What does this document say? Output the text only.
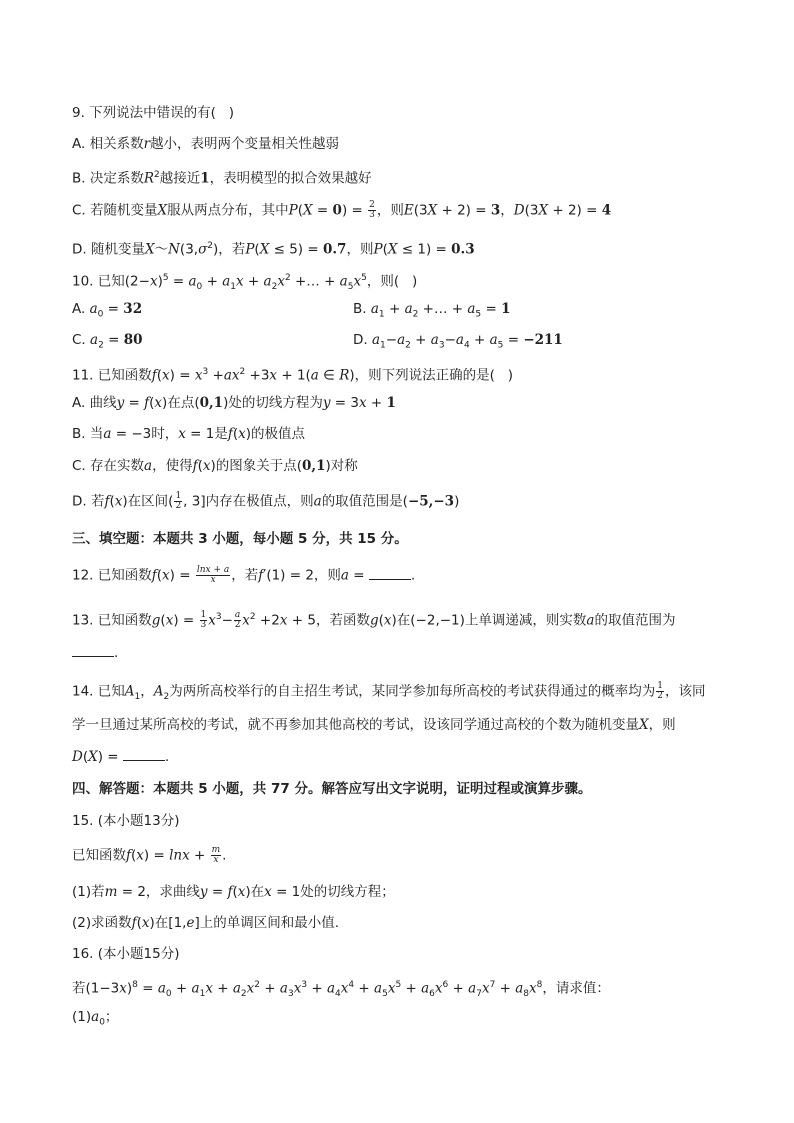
9. 下列说法中错误的有(   )
A. 相关系数r越小，表明两个变量相关性越弱
B. 决定系数$R^2$越接近1，表明模型的拟合效果越好
C. 若随机变量X服从两点分布，其中$P(X = 0) = \frac{2}{3}$ ，则E(3X + 2) = 3，D(3X + 2) = 4
D. 随机变量$X\sim N(3,\sigma^2)$，若P(X ≤ 5) = 0.7，则P(X ≤ 1) = 0.3
10. 已知$(2-x)^5 = a_0 + a_1x + a_2x^2$ +… + $a_5x^5$，则(   )
A. $a_0 = 32$	B. $a_1 + a_2$ +… + $a_5 = 1$
C. $a_2 = 80$	D. $a_1-a_2 + a_3-a_4 + a_5 = -211$
11. 已知函数$f(x) = x^3 +ax^2 +3x + 1(a$ ∈ R)，则下列说法正确的是(   )
A. 曲线y = f(x)在点(0,1)处的切线方程为y = 3x + 1
B. 当a = −3时，x = 1是f(x)的极值点
C. 存在实数a，使得f(x)的图象关于点(0,1)对称
D. 若f(x)在区间( $\frac{1}{2}$ , 3]内存在极值点，则a的取值范围是(−5,−3)
三、填空题：本题共 3 小题，每小题 5 分，共 15 分。
12. 已知函数$f(x) = \frac{\ln x + a}{x}$ ，若f′(1) = 2，则a =	.
13. 已知函数$g(x) = \frac{1}{3} x^3- \frac{a}{2} x^2 +2x + 5$，若函数g(x)在(−2,−1)上单调递减，则实数a的取值范围为
.
14. 已知$A_1$，$A_2$为两所高校举行的自主招生考试，某同学参加每所高校的考试获得通过的概率均为 $\frac{1}{2}$ ，该同
学一旦通过某所高校的考试，就不再参加其他高校的考试，设该同学通过高校的个数为随机变量X，则
D(X) =	.
四、解答题：本题共 5 小题，共 77 分。解答应写出文字说明，证明过程或演算步骤。
15. (本小题13分)
已知函数$f(x) = \ln x + \frac{m}{x}$ .
(1)若m = 2，求曲线y = f(x)在x = 1处的切线方程；
(2)求函数f(x)在[1,e]上的单调区间和最小值.
16. (本小题15分)
若$(1-3x)^8 = a_0 + a_1x + a_2x^2 + a_3x^3 + a_4x^4 + a_5x^5 + a_6x^6 + a_7x^7 + a_8x^8$，请求值：
$(1)a_0$；
